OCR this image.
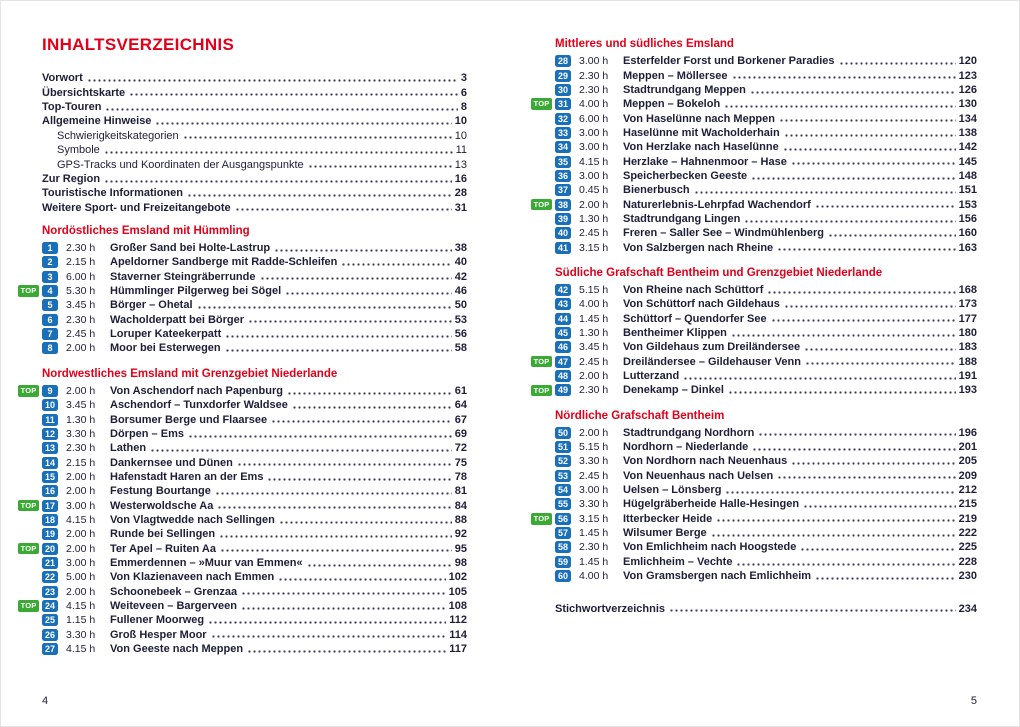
INHALTSVERZEICHNIS
Vorwort	3
Übersichtskarte	6
Top-Touren	8
Allgemeine Hinweise	10
Schwierigkeitskategorien	10
Symbole	11
GPS-Tracks und Koordinaten der Ausgangspunkte	13
Zur Region	16
Touristische Informationen	28
Weitere Sport- und Freizeitangebote	31
Nordöstliches Emsland mit Hümmling
1	2.30 h	Großer Sand bei Holte-Lastrup	38
2	2.15 h	Apeldorner Sandberge mit Radde-Schleifen	40
3	6.00 h	Staverner Steingräberrunde	42
TOP	4	5.30 h	Hümmlinger Pilgerweg bei Sögel	46
5	3.45 h	Börger – Ohetal	50
6	2.30 h	Wacholderpatt bei Börger	53
7	2.45 h	Loruper Kateekerpatt	56
8	2.00 h	Moor bei Esterwegen	58
Nordwestliches Emsland mit Grenzgebiet Niederlande
TOP	9	2.00 h	Von Aschendorf nach Papenburg	61
10	3.45 h	Aschendorf – Tunxdorfer Waldsee	64
11	1.30 h	Borsumer Berge und Flaarsee	67
12	3.30 h	Dörpen – Ems	69
13	2.30 h	Lathen	72
14	2.15 h	Dankernsee und Dünen	75
15	2.00 h	Hafenstadt Haren an der Ems	78
16	2.00 h	Festung Bourtange	81
TOP 17	3.00 h	Westerwoldsche Aa	84
18	4.15 h	Von Vlagtwedde nach Sellingen	88
19	2.00 h	Runde bei Sellingen	92
TOP 20	2.00 h	Ter Apel – Ruiten Aa	95
21	3.00 h	Emmerdennen – »Muur van Emmen«	98
22	5.00 h	Von Klazienaveen nach Emmen	102
23	2.00 h	Schoonebeek – Grenzaa	105
TOP 24	4.15 h	Weiteveen – Bargerveen	108
25	1.15 h	Fullener Moorweg	112
26	3.30 h	Groß Hesper Moor	114
27	4.15 h	Von Geeste nach Meppen	117
Mittleres und südliches Emsland
28	3.00 h	Esterfelder Forst und Borkener Paradies	120
29	2.30 h	Meppen – Möllersee	123
30	2.30 h	Stadtrundgang Meppen	126
TOP 31	4.00 h	Meppen – Bokeloh	130
32	6.00 h	Von Haselünne nach Meppen	134
33	3.00 h	Haselünne mit Wacholderhain	138
34	3.00 h	Von Herzlake nach Haselünne	142
35	4.15 h	Herzlake – Hahnenmoor – Hase	145
36	3.00 h	Speicherbecken Geeste	148
37	0.45 h	Bienerbusch	151
TOP 38	2.00 h	Naturerlebnis-Lehrpfad Wachendorf	153
39	1.30 h	Stadtrundgang Lingen	156
40	2.45 h	Freren – Saller See – Windmühlenberg	160
41	3.15 h	Von Salzbergen nach Rheine	163
Südliche Grafschaft Bentheim und Grenzgebiet Niederlande
42	5.15 h	Von Rheine nach Schüttorf	168
43	4.00 h	Von Schüttorf nach Gildehaus	173
44	1.45 h	Schüttorf – Quendorfer See	177
45	1.30 h	Bentheimer Klippen	180
46	3.45 h	Von Gildehaus zum Dreiländersee	183
TOP 47	2.45 h	Dreiländersee – Gildehauser Venn	188
48	2.00 h	Lutterzand	191
TOP 49	2.30 h	Denekamp – Dinkel	193
Nördliche Grafschaft Bentheim
50	2.00 h	Stadtrundgang Nordhorn	196
51	5.15 h	Nordhorn – Niederlande	201
52	3.30 h	Von Nordhorn nach Neuenhaus	205
53	2.45 h	Von Neuenhaus nach Uelsen	209
54	3.00 h	Uelsen – Lönsberg	212
55	3.30 h	Hügelgräberheide Halle-Hesingen	215
TOP 56	3.15 h	Itterbecker Heide	219
57	1.45 h	Wilsumer Berge	222
58	2.30 h	Von Emlichheim nach Hoogstede	225
59	1.45 h	Emlichheim – Vechte	228
60	4.00 h	Von Gramsbergen nach Emlichheim	230
Stichwortverzeichnis	234
4	5
